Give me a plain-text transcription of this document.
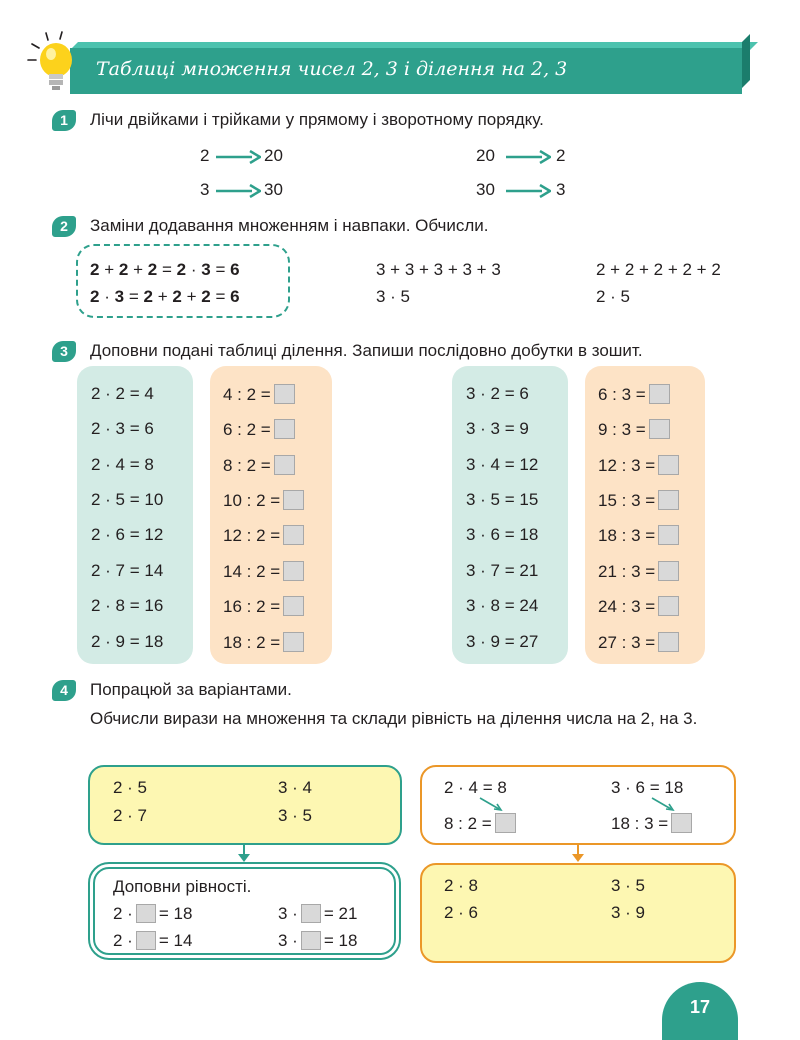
Таблиці множення чисел 2, 3 і ділення на 2, 3
1	Лічи двійками і трійками у прямому і зворотному порядку.
2	20	20	2
3	30	30	3
2	Заміни додавання множенням і навпаки. Обчисли.
2 + 2 + 2 = 2 · 3 = 6
2 · 3 = 2 + 2 + 2 = 6
3 + 3 + 3 + 3 + 3
3 · 5
2 + 2 + 2 + 2 + 2
2 · 5
3	Доповни подані таблиці ділення. Запиши послідовно добутки в зошит.
2 · 2 = 4
2 · 3 = 6
2 · 4 = 8
2 · 5 = 10
2 · 6 = 12
2 · 7 = 14
2 · 8 = 16
2 · 9 = 18
4 : 2 =
6 : 2 =
8 : 2 =
10 : 2 =
12 : 2 =
14 : 2 =
16 : 2 =
18 : 2 =
3 · 2 = 6
3 · 3 = 9
3 · 4 = 12
3 · 5 = 15
3 · 6 = 18
3 · 7 = 21
3 · 8 = 24
3 · 9 = 27
6 : 3 =
9 : 3 =
12 : 3 =
15 : 3 =
18 : 3 =
21 : 3 =
24 : 3 =
27 : 3 =
4	Попрацюй за варіантами.
Обчисли вирази на множення та склади рівність на ділення числа на 2, на 3.
2 · 5	3 · 4
2 · 7	3 · 5
Доповни рівності.
2 · = 18	3 · = 21
2 · = 14	3 · = 18
2 · 4 = 8	3 · 6 = 18
8 : 2 =	18 : 3 =
2 · 8	3 · 5
2 · 6	3 · 9
17
